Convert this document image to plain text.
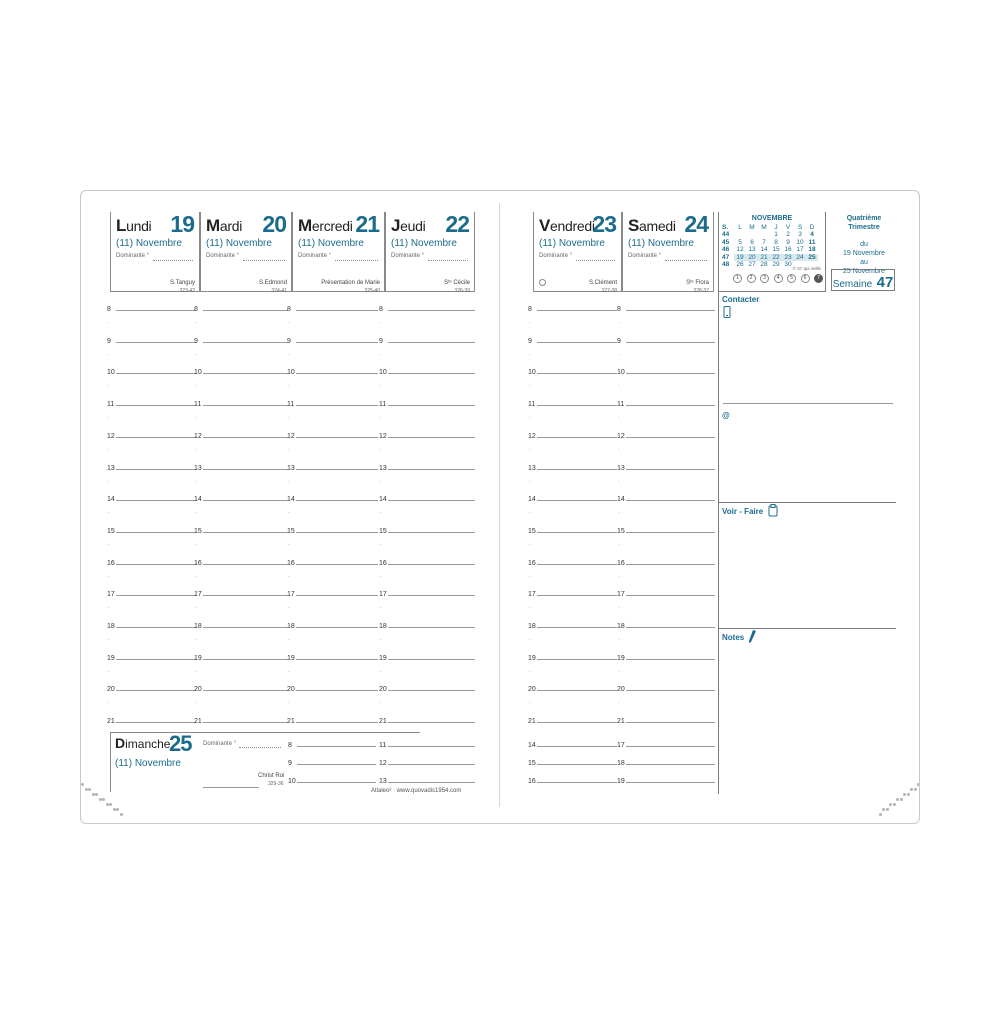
Lundi 19
(11) Novembre
Dominante °
S.Tanguy
323-42
Mardi 20
(11) Novembre
Dominante °
S.Edmond
324-41
Mercredi 21
(11) Novembre
Dominante °
Présentation de Marie
325-40
Jeudi 22
(11) Novembre
Dominante °
Sᵗᵉ Cécile
326-39
Vendredi
23
(11) Novembre
Dominante °
S.Clément
327-38
Samedi 24
(11) Novembre
Dominante °
Sᵗᵉ Flora
328-37
8
-
9
-
10
-
11
-
12
-
13
-
14
-
15
-
16
-
17
-
18
-
19
-
20
-
21
8
-
9
-
10
-
11
-
12
-
13
-
14
-
15
-
16
-
17
-
18
-
19
-
20
-
21
8
-
9
-
10
-
11
-
12
-
13
-
14
-
15
-
16
-
17
-
18
-
19
-
20
-
21
8
-
9
-
10
-
11
-
12
-
13
-
14
-
15
-
16
-
17
-
18
-
19
-
20
-
21
8
-
9
-
10
-
11
-
12
-
13
-
14
-
15
-
16
-
17
-
18
-
19
-
20
-
21
8
-
9
-
10
-
11
-
12
-
13
-
14
-
15
-
16
-
17
-
18
-
19
-
20
-
21
Dimanche
25
(11) Novembre
Dominante °
Christ Roi
329-36
8	11	14	17
9	12	15	18
10	13	16	19
Atlaleo² · www.quovadis1954.com
NOVEMBRE
S.	L	M	M	J	V	S	D
44				1	2	3	4
45	5	6	7	8	9	10	11
46	12	13	14	15	16	17	18
47	19	20	21	22	23	24	25
48	26	27	28	29	30		
© 57 qui veille
1	2	3	4	5	6	7
Quatrième Trimestre
du
19 Novembre
au
25 Novembre
$_{Semaine}$ 47
Contacter
@
Voir - Faire
Notes
